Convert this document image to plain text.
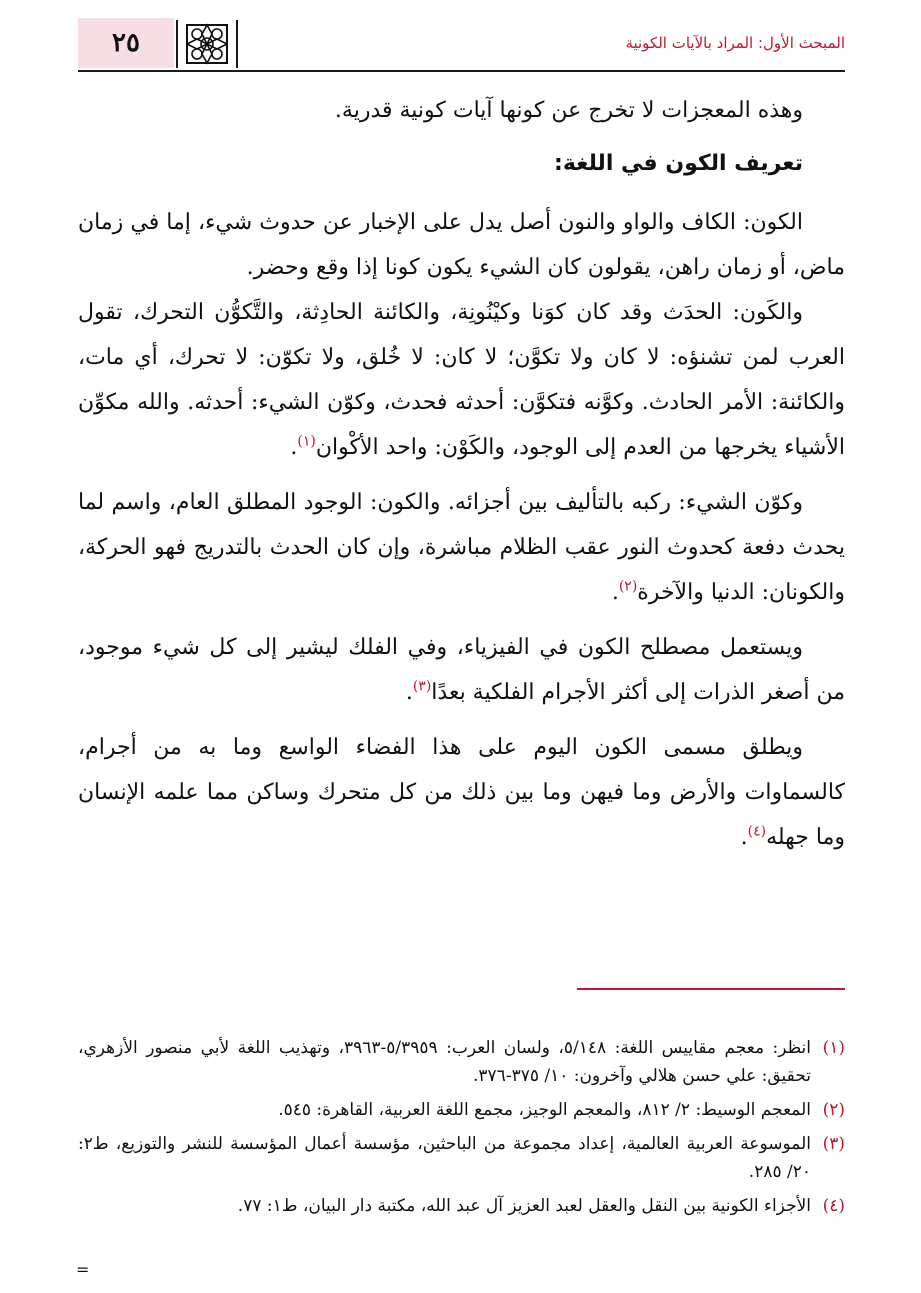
٢٥	المبحث الأول: المراد بالآيات الكونية

وهذه المعجزات لا تخرج عن كونها آيات كونية قدرية.

تعريف الكون في اللغة:

الكون: الكاف والواو والنون أصل يدل على الإخبار عن حدوث شيء، إما في زمان ماض، أو زمان راهن، يقولون كان الشيء يكون كونا إذا وقع وحضر.

والكَون: الحدَث وقد كان كوَنا وكيْنُونِة، والكائنة الحادِثة، والتَّكوُّن التحرك، تقول العرب لمن تشنؤه: لا كان ولا تكوَّن؛ لا كان: لا خُلق، ولا تكوّن: لا تحرك، أي مات، والكائنة: الأمر الحادث. وكوَّنه فتكوَّن: أحدثه فحدث، وكوّن الشيء: أحدثه. والله مكوِّن الأشياء يخرجها من العدم إلى الوجود، والكَوْن: واحد الأكْوان$^{(١)}$.

وكوّن الشيء: ركبه بالتأليف بين أجزائه. والكون: الوجود المطلق العام، واسم لما يحدث دفعة كحدوث النور عقب الظلام مباشرة، وإن كان الحدث بالتدريج فهو الحركة، والكونان: الدنيا والآخرة$^{(٢)}$.

ويستعمل مصطلح الكون في الفيزياء، وفي الفلك ليشير إلى كل شيء موجود، من أصغر الذرات إلى أكثر الأجرام الفلكية بعدًا$^{(٣)}$.

ويطلق مسمى الكون اليوم على هذا الفضاء الواسع وما به من أجرام، كالسماوات والأرض وما فيهن وما بين ذلك من كل متحرك وساكن مما علمه الإنسان وما جهله$^{(٤)}$.

(١)
انظر: معجم مقاييس اللغة: ٥/١٤٨، ولسان العرب: ٥/٣٩٥٩-٣٩٦٣، وتهذيب اللغة لأبي منصور الأزهري، تحقيق: علي حسن هلالي وآخرون: ١٠/ ٣٧٥-٣٧٦.

(٢)
المعجم الوسيط: ٢/ ٨١٢، والمعجم الوجيز، مجمع اللغة العربية، القاهرة: ٥٤٥.

(٣)
الموسوعة العربية العالمية، إعداد مجموعة من الباحثين، مؤسسة أعمال المؤسسة للنشر والتوزيع، ط٢: ٢٠/ ٢٨٥.

(٤)
الأجزاء الكونية بين النقل والعقل لعبد العزيز آل عبد الله، مكتبة دار البيان، ط١: ٧٧.

=
